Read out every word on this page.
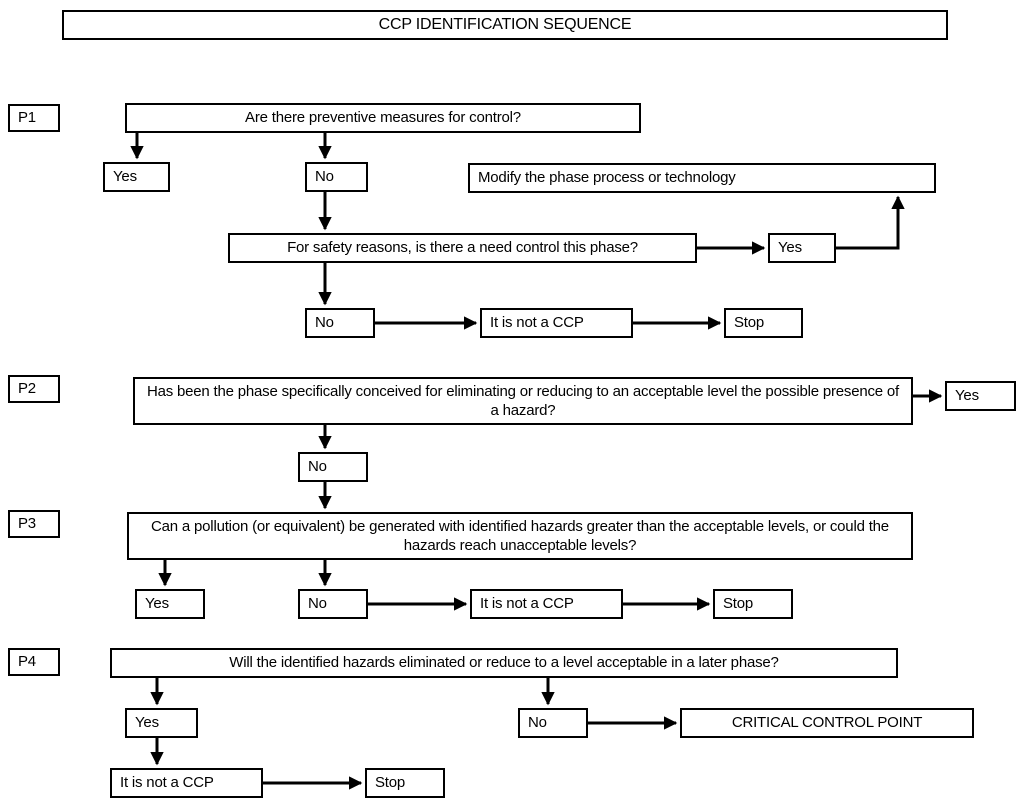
CCP IDENTIFICATION SEQUENCE
P1	Are there preventive measures for control?
Yes	No	Modify the phase process or technology
For safety reasons, is there a need control this phase?	Yes
No	It is not a CCP	Stop
P2	Has been the phase specifically conceived for eliminating or reducing to an acceptable level the possible presence of a hazard?
Yes
No
P3	Can a pollution (or equivalent) be generated with identified hazards greater than the acceptable levels, or could the hazards reach unacceptable levels?
Yes	No	It is not a CCP	Stop
P4	Will the identified hazards eliminated or reduce to a level acceptable in a later phase?
Yes	No	CRITICAL CONTROL POINT
It is not a CCP	Stop
